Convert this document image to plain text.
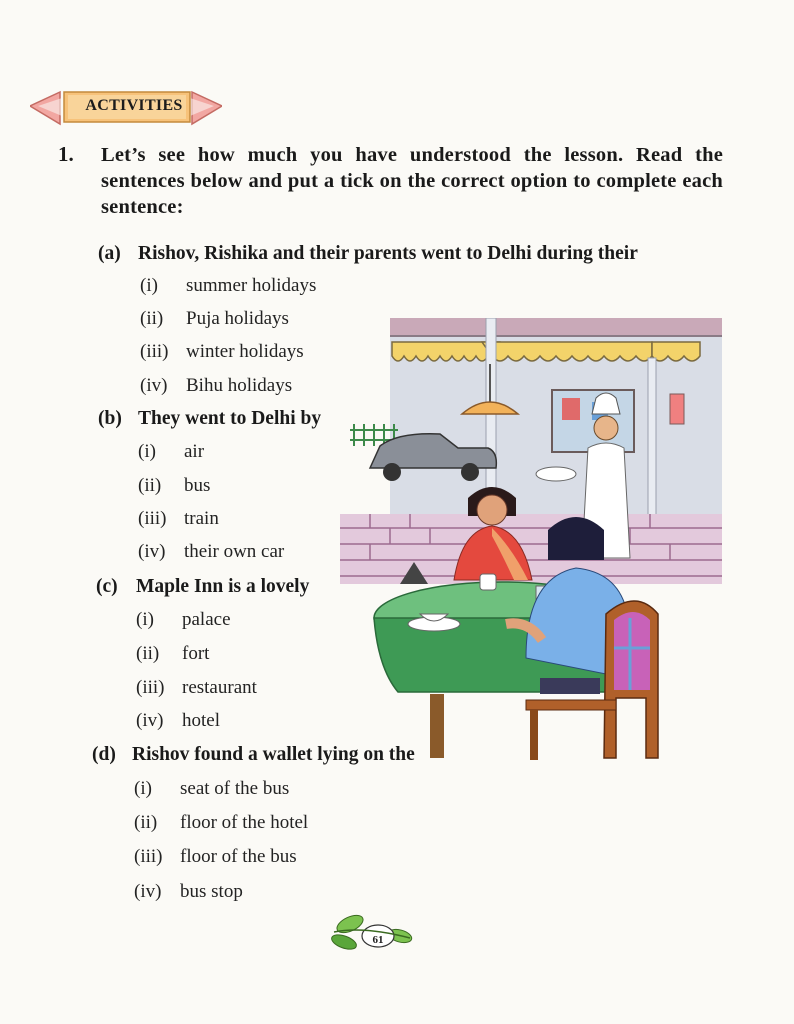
ACTIVITIES
1. Let’s see how much you have understood the lesson. Read the sentences below and put a tick on the correct option to complete each sentence:
(a) Rishov, Rishika and their parents went to Delhi during their
(i) summer holidays
(ii) Puja holidays
(iii) winter holidays
(iv) Bihu holidays
(b) They went to Delhi by
(i) air
(ii) bus
(iii) train
(iv) their own car
(c) Maple Inn is a lovely
(i) palace
(ii) fort
(iii) restaurant
(iv) hotel
(d) Rishov found a wallet lying on the
(i) seat of the bus
(ii) floor of the hotel
(iii) floor of the bus
(iv) bus stop
61
